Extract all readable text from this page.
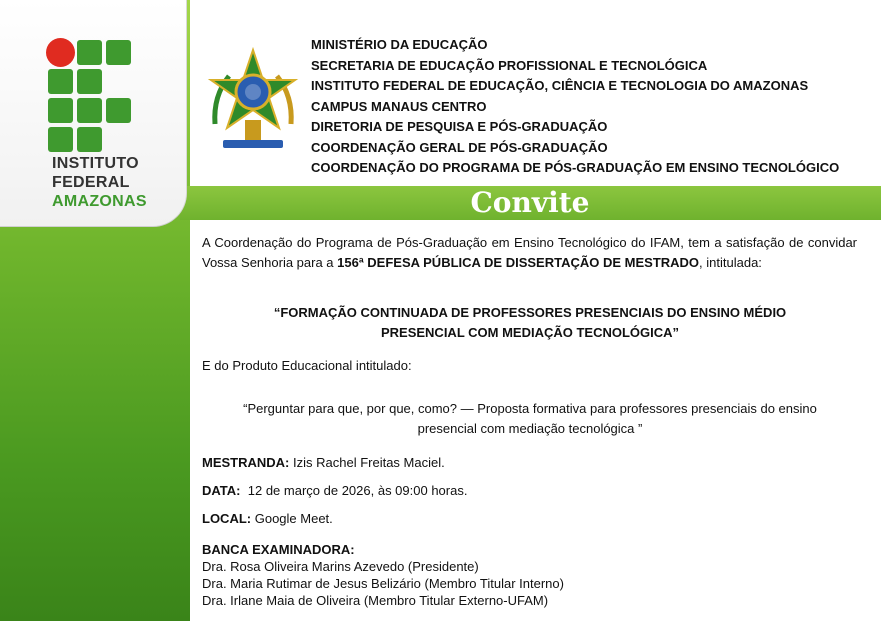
INSTITUTO
FEDERAL
AMAZONAS
MINISTÉRIO DA EDUCAÇÃO
SECRETARIA DE EDUCAÇÃO PROFISSIONAL E TECNOLÓGICA
INSTITUTO FEDERAL DE EDUCAÇÃO, CIÊNCIA E TECNOLOGIA DO AMAZONAS
CAMPUS MANAUS CENTRO
DIRETORIA DE PESQUISA E PÓS-GRADUAÇÃO
COORDENAÇÃO GERAL DE PÓS-GRADUAÇÃO
COORDENAÇÃO DO PROGRAMA DE PÓS-GRADUAÇÃO EM ENSINO TECNOLÓGICO
Convite
A Coordenação do Programa de Pós-Graduação em Ensino Tecnológico do IFAM, tem a satisfação de convidar Vossa Senhoria para a 156ª DEFESA PÚBLICA DE DISSERTAÇÃO DE MESTRADO, intitulada:
“FORMAÇÃO CONTINUADA DE PROFESSORES PRESENCIAIS DO ENSINO MÉDIO
PRESENCIAL COM MEDIAÇÃO TECNOLÓGICA”
E do Produto Educacional intitulado:
“Perguntar para que, por que, como? — Proposta formativa para professores presenciais do ensino
presencial com mediação tecnológica ”
MESTRANDA: Izis Rachel Freitas Maciel.
DATA: 12 de março de 2026, às 09:00 horas.
LOCAL: Google Meet.
BANCA EXAMINADORA:
Dra. Rosa Oliveira Marins Azevedo (Presidente)
Dra. Maria Rutimar de Jesus Belizário (Membro Titular Interno)
Dra. Irlane Maia de Oliveira (Membro Titular Externo-UFAM)
